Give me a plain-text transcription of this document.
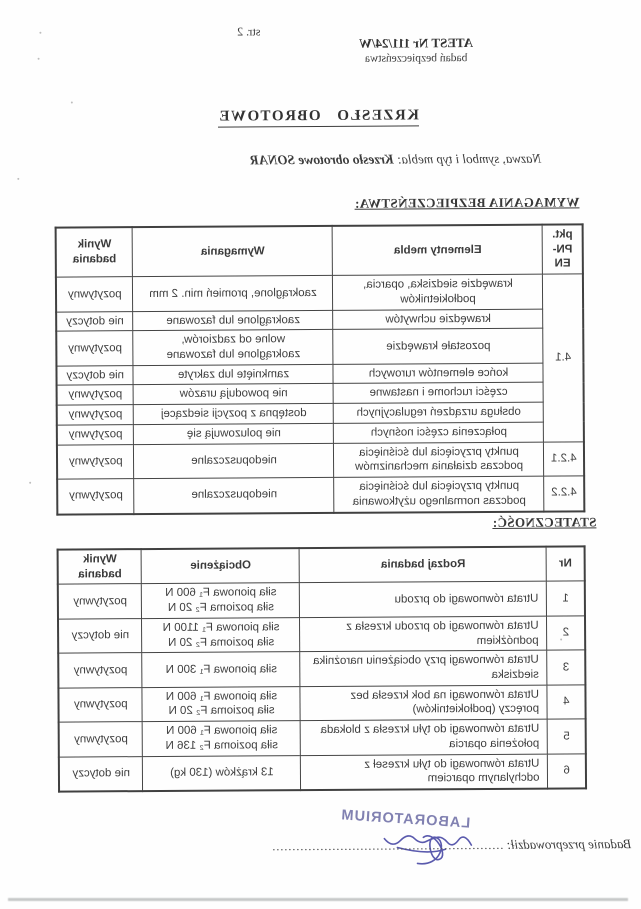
str. 2
ATEST Nr 111/24/W
badań bezpieczeństwa
KRZESŁO OBROTOWE
Nazwa, symbol i typ mebla: Krzesło obrotowe SONAR
WYMAGANIA BEZPIECZEŃSTWA:
pkt.
PN-EN	Elementy mebla	Wymagania	Wynik
badania
4.1	krawędzie siedziska, oparcia,
podłokietników	zaokrąglone, promień min. 2 mm	pozytywny
	krawędzie uchwytów	zaokrąglone lub fazowane	nie dotyczy
	pozostałe krawędzie	wolne od zadziorów,
zaokrąglone lub fazowane	pozytywny
	końce elementów rurowych	zamknięte lub zakryte	nie dotyczy
	części ruchome i nastawne	nie powodują urazów	pozytywny
	obsługa urządzeń regulacyjnych	dostępna z pozycji siedzącej	pozytywny
	połączenia części nośnych	nie poluzowują się	pozytywny
4.2.1	punkty przycięcia lub ściśnięcia
podczas działania mechanizmów	niedopuszczalne	pozytywny
4.2.2	punkty przycięcia lub ściśnięcia
podczas normalnego użytkowania	niedopuszczalne	pozytywny
STATECZNOŚĆ:
Nr	Rodzaj badania	Obciążenie	Wynik
badania
1	Utrata równowagi do przodu	siła pionowa F₁ 600 N
siła pozioma F₂ 20 N	pozytywny
2	Utrata równowagi do przodu krzesła z
podnóżkiem	siła pionowa F₁ 1100 N
siła pozioma F₂ 20 N	nie dotyczy
3	Utrata równowagi przy obciążeniu narożnika
siedziska	siła pionowa F₁ 300 N	pozytywny
4	Utrata równowagi na bok krzesła bez
poręczy (podłokietników)	siła pionowa F₁ 600 N
siła pozioma F₂ 20 N	pozytywny
5	Utrata równowagi do tyłu krzesła z blokada
położenia oparcia	siła pionowa F₁ 600 N
siła pozioma F₂ 136 N	pozytywny
6	Utrata równowagi do tyłu krzeseł z
odchylanym oparciem	13 krążków (130 kg)	nie dotyczy
LABORATORIUM
Badanie przeprowadził: ..........................................................
